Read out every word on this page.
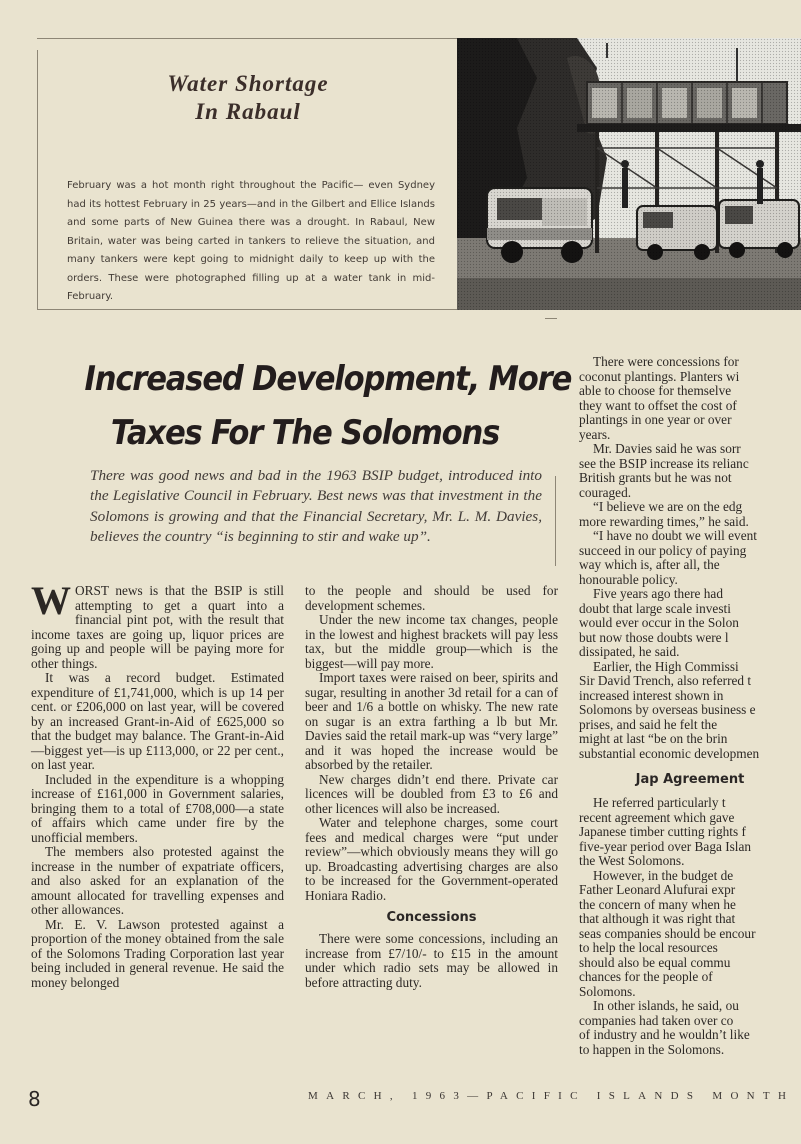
Water Shortage
In Rabaul
February was a hot month right throughout the Pacific— even Sydney had its hottest February in 25 years—and in the Gilbert and Ellice Islands and some parts of New Guinea there was a drought. In Rabaul, New Britain, water was being carted in tankers to relieve the situation, and many tankers were kept going to midnight daily to keep up with the orders. These were photographed filling up at a water tank in mid-February.
Increased Development, More
Taxes For The Solomons
There was good news and bad in the 1963 BSIP budget, introduced into the Legislative Council in February. Best news was that investment in the Solomons is growing and that the Financial Secretary, Mr. L. M. Davies, believes the country “is beginning to stir and wake up”.

WORST news is that the BSIP is still attempting to get a quart into a financial pint pot, with the result that income taxes are going up, liquor prices are going up and people will be paying more for other things.

It was a record budget. Estimated expenditure of £1,741,000, which is up 14 per cent. or £206,000 on last year, will be covered by an increased Grant-in-Aid of £625,000 so that the budget may balance. The Grant-in-Aid—biggest yet—is up £113,000, or 22 per cent., on last year.

Included in the expenditure is a whopping increase of £161,000 in Government salaries, bringing them to a total of £708,000—a state of affairs which came under fire by the unofficial members.

The members also protested against the increase in the number of expatriate officers, and also asked for an explanation of the amount allocated for travelling expenses and other allowances.

Mr. E. V. Lawson protested against a proportion of the money obtained from the sale of the Solomons Trading Corporation last year being included in general revenue. He said the money belonged

to the people and should be used for development schemes.

Under the new income tax changes, people in the lowest and highest brackets will pay less tax, but the middle group—which is the biggest—will pay more.

Import taxes were raised on beer, spirits and sugar, resulting in another 3d retail for a can of beer and 1/6 a bottle on whisky. The new rate on sugar is an extra farthing a lb but Mr. Davies said the retail mark-up was “very large” and it was hoped the increase would be absorbed by the retailer.

New charges didn’t end there. Private car licences will be doubled from £3 to £6 and other licences will also be increased.

Water and telephone charges, some court fees and medical charges were “put under review”—which obviously means they will go up. Broadcasting advertising charges are also to be increased for the Government-operated Honiara Radio.

Concessions

There were some concessions, including an increase from £7/10/- to £15 in the amount under which radio sets may be allowed in before attracting duty.

There were concessions for

coconut plantings. Planters wi

able to choose for themselve

they want to offset the cost of

plantings in one year or over

years.

Mr. Davies said he was sorr

see the BSIP increase its relianc

British grants but he was not

couraged.

“I believe we are on the edg

more rewarding times,” he said.

“I have no doubt we will event

succeed in our policy of paying

way which is, after all, the

honourable policy.

Five years ago there had

doubt that large scale investi

would ever occur in the Solon

but now those doubts were l

dissipated, he said.

Earlier, the High Commissi

Sir David Trench, also referred t

increased interest shown in

Solomons by overseas business e

prises, and said he felt the

might at last “be on the brin

substantial economic developmen

Jap Agreement

He referred particularly t

recent agreement which gave

Japanese timber cutting rights f

five-year period over Baga Islan

the West Solomons.

However, in the budget de

Father Leonard Alufurai expr

the concern of many when he

that although it was right that

seas companies should be encour

to help the local resources

should also be equal commu

chances for the people of

Solomons.

In other islands, he said, ou

companies had taken over co

of industry and he wouldn’t like

to happen in the Solomons.

8	MARCH, 1963—PACIFIC ISLANDS MONTH
